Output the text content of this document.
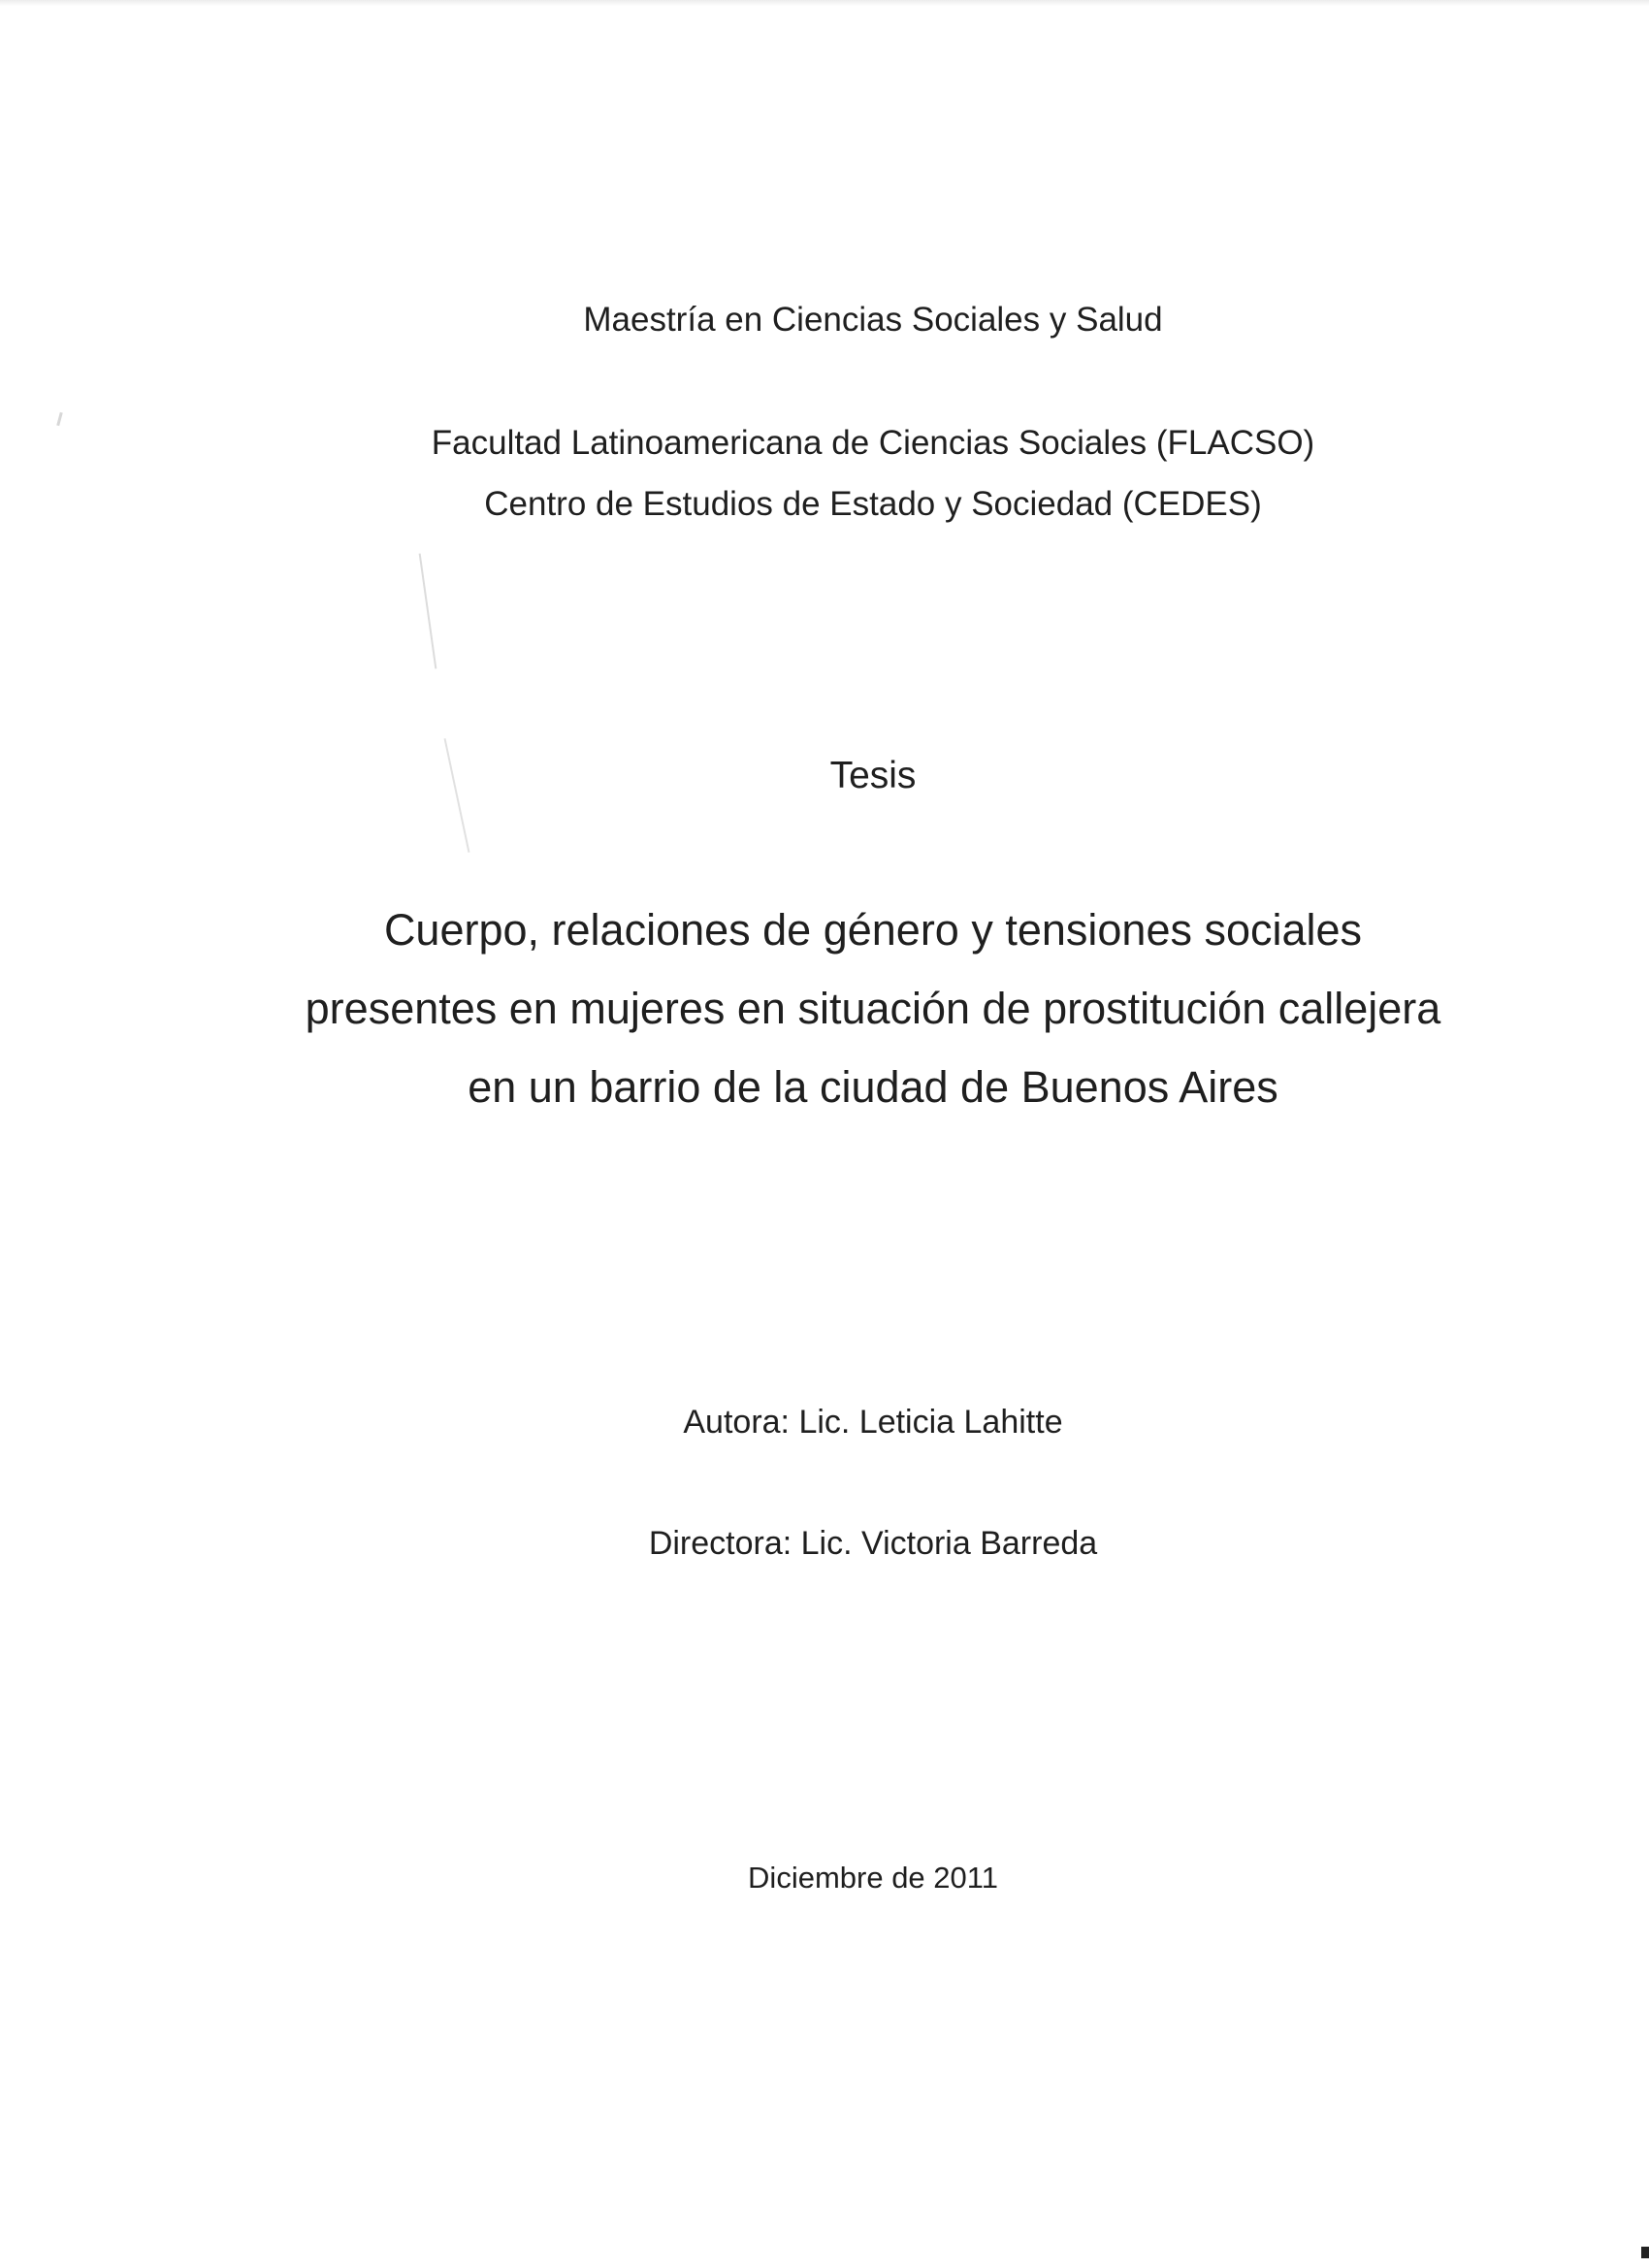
Maestría en Ciencias Sociales y Salud
Facultad Latinoamericana de Ciencias Sociales (FLACSO)
Centro de Estudios de Estado y Sociedad (CEDES)
Tesis
Cuerpo, relaciones de género y tensiones sociales
presentes en mujeres en situación de prostitución callejera
en un barrio de la ciudad de Buenos Aires
Autora: Lic. Leticia Lahitte
Directora: Lic. Victoria Barreda
Diciembre de 2011
